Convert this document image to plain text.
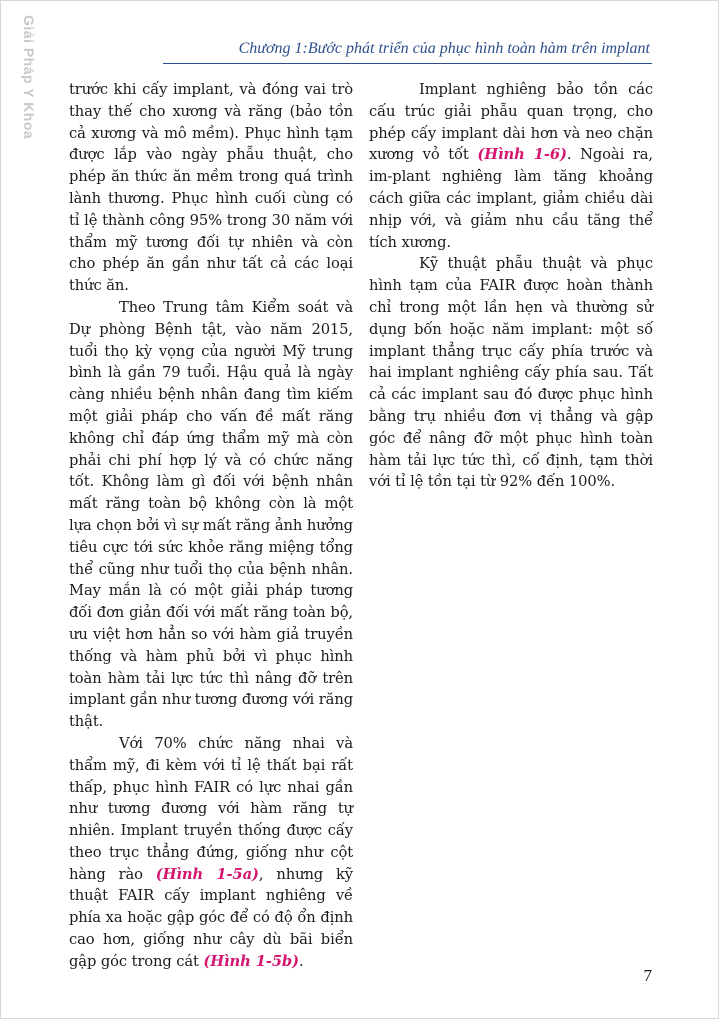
Giải Pháp Y Khoa	Chương 1:Bước phát triển của phục hình toàn hàm trên implant

trước khi cấy implant, và đóng vai trò thay thế cho xương và răng (bảo tồn cả xương và mô mềm). Phục hình tạm được lắp vào ngày phẫu thuật, cho phép ăn thức ăn mềm trong quá trình lành thương. Phục hình cuối cùng có tỉ lệ thành công 95% trong 30 năm với thẩm mỹ tương đối tự nhiên và còn cho phép ăn gần như tất cả các loại thức ăn.

Theo Trung tâm Kiểm soát và Dự phòng Bệnh tật, vào năm 2015, tuổi thọ kỳ vọng của người Mỹ trung bình là gần 79 tuổi. Hậu quả là ngày càng nhiều bệnh nhân đang tìm kiếm một giải pháp cho vấn đề mất răng không chỉ đáp ứng thẩm mỹ mà còn phải chi phí hợp lý và có chức năng tốt. Không làm gì đối với bệnh nhân mất răng toàn bộ không còn là một lựa chọn bởi vì sự mất răng ảnh hưởng tiêu cực tới sức khỏe răng miệng tổng thể cũng như tuổi thọ của bệnh nhân. May mắn là có một giải pháp tương đối đơn giản đối với mất răng toàn bộ, ưu việt hơn hẳn so với hàm giả truyền thống và hàm phủ bởi vì phục hình toàn hàm tải lực tức thì nâng đỡ trên implant gần như tương đương với răng thật.

Với 70% chức năng nhai và thẩm mỹ, đi kèm với tỉ lệ thất bại rất thấp, phục hình FAIR có lực nhai gần như tương đương với hàm răng tự nhiên. Implant truyền thống được cấy theo trục thẳng đứng, giống như cột hàng rào (Hình 1-5a), nhưng kỹ thuật FAIR cấy implant nghiêng về phía xa hoặc gập góc để có độ ổn định cao hơn, giống như cây dù bãi biển gập góc trong cát (Hình 1-5b).

Implant nghiêng bảo tồn các cấu trúc giải phẫu quan trọng, cho phép cấy implant dài hơn và neo chặn xương vỏ tốt (Hình 1-6). Ngoài ra, im-plant nghiêng làm tăng khoảng cách giữa các implant, giảm chiều dài nhịp với, và giảm nhu cầu tăng thể tích xương.

Kỹ thuật phẫu thuật và phục hình tạm của FAIR được hoàn thành chỉ trong một lần hẹn và thường sử dụng bốn hoặc năm implant: một số implant thẳng trục cấy phía trước và hai implant nghiêng cấy phía sau. Tất cả các implant sau đó được phục hình bằng trụ nhiều đơn vị thẳng và gập góc để nâng đỡ một phục hình toàn hàm tải lực tức thì, cố định, tạm thời với tỉ lệ tồn tại từ 92% đến 100%.

7
